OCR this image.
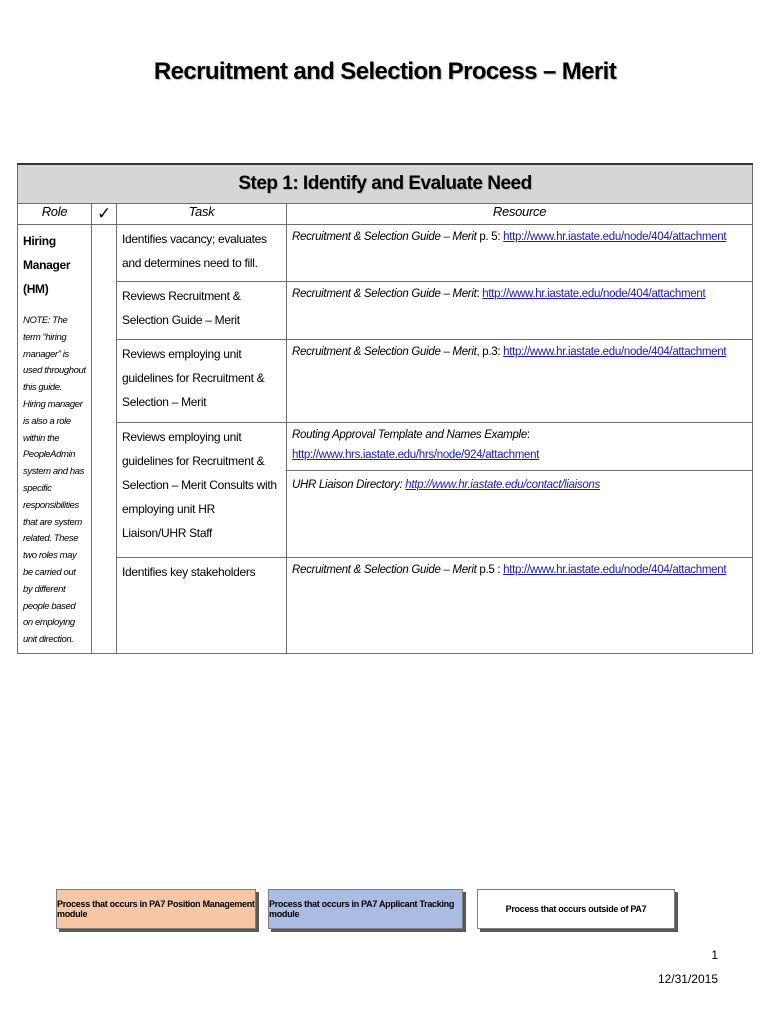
Recruitment and Selection Process – Merit
Step 1: Identify and Evaluate Need			
Role	✓	Task	Resource

Hiring Manager
(HM)
NOTE: The term “hiring manager” is used throughout this guide. Hiring manager is also a role within the PeopleAdmin system and has specific responsibilities that are system related. These two roles may be carried out by different people based on employing unit direction.		Identifies vacancy; evaluates and determines need to fill.	Recruitment & Selection Guide – Merit p. 5: http://www.hr.iastate.edu/node/404/attachment
		Reviews Recruitment & Selection Guide – Merit	Recruitment & Selection Guide – Merit: http://www.hr.iastate.edu/node/404/attachment
		Reviews employing unit guidelines for Recruitment & Selection – Merit	Recruitment & Selection Guide – Merit, p.3: http://www.hr.iastate.edu/node/404/attachment
		Reviews employing unit guidelines for Recruitment & Selection – Merit Consults with employing unit HR Liaison/UHR Staff	Routing Approval Template and Names Example: http://www.hrs.iastate.edu/hrs/node/924/attachment
UHR Liaison Directory: http://www.hr.iastate.edu/contact/liaisons

		Identifies key stakeholders	Recruitment & Selection Guide – Merit p.5 : http://www.hr.iastate.edu/node/404/attachment
Process that occurs in PA7 Position Management module
Process that occurs in PA7 Applicant Tracking module	Process that occurs outside of PA7
1
12/31/2015
